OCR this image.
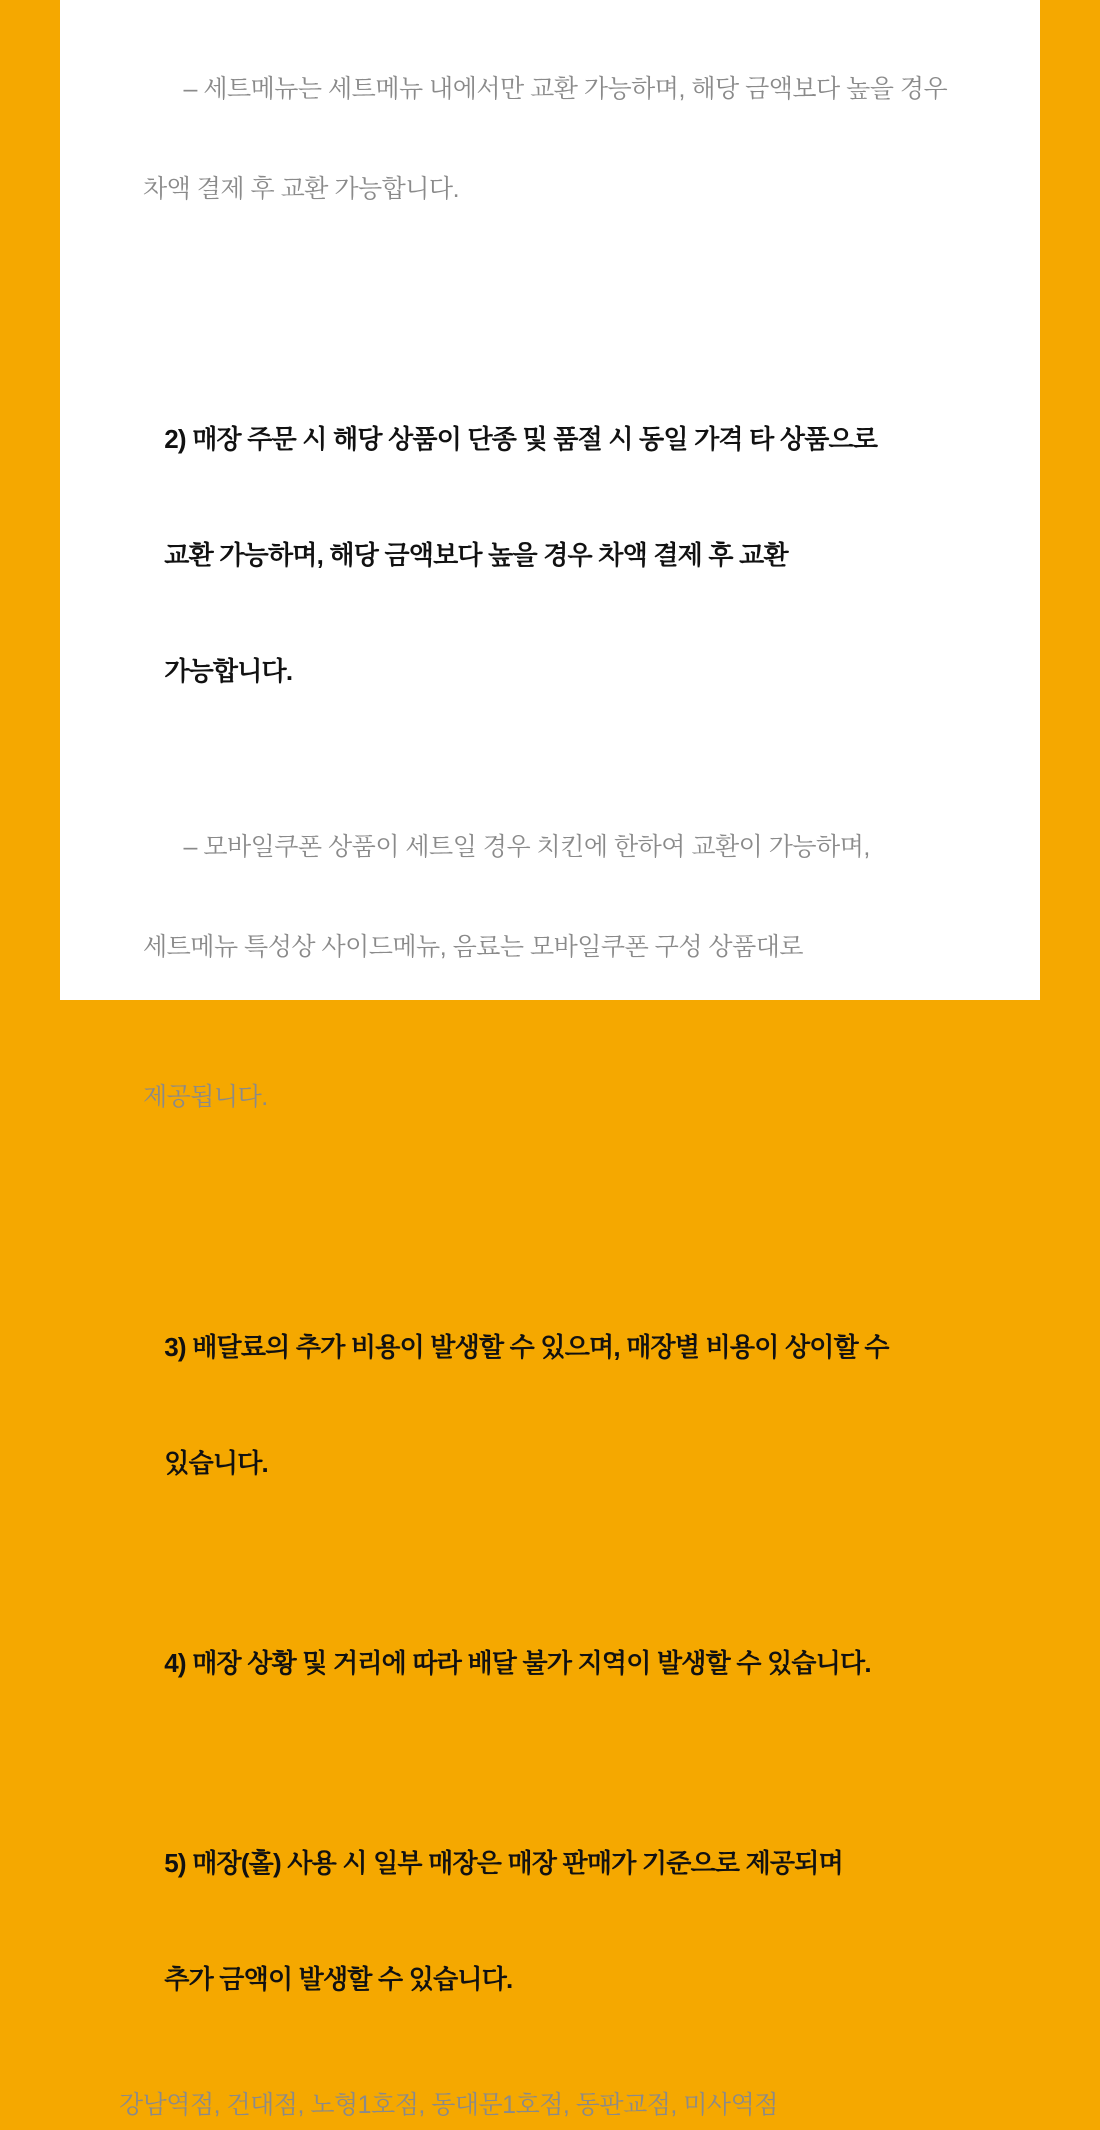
– 세트메뉴는 세트메뉴 내에서만 교환 가능하며, 해당 금액보다 높을 경우

차액 결제 후 교환 가능합니다.

2) 매장 주문 시 해당 상품이 단종 및 품절 시 동일 가격 타 상품으로

교환 가능하며, 해당 금액보다 높을 경우 차액 결제 후 교환

가능합니다.

– 모바일쿠폰 상품이 세트일 경우 치킨에 한하여 교환이 가능하며,

세트메뉴 특성상 사이드메뉴, 음료는 모바일쿠폰 구성 상품대로

제공됩니다.

3) 배달료의 추가 비용이 발생할 수 있으며, 매장별 비용이 상이할 수

있습니다.

4) 매장 상황 및 거리에 따라 배달 불가 지역이 발생할 수 있습니다.

5) 매장(홀) 사용 시 일부 매장은 매장 판매가 기준으로 제공되며

추가 금액이 발생할 수 있습니다.

강남역점, 건대점, 노형1호점, 동대문1호점, 동판교점, 미사역점
